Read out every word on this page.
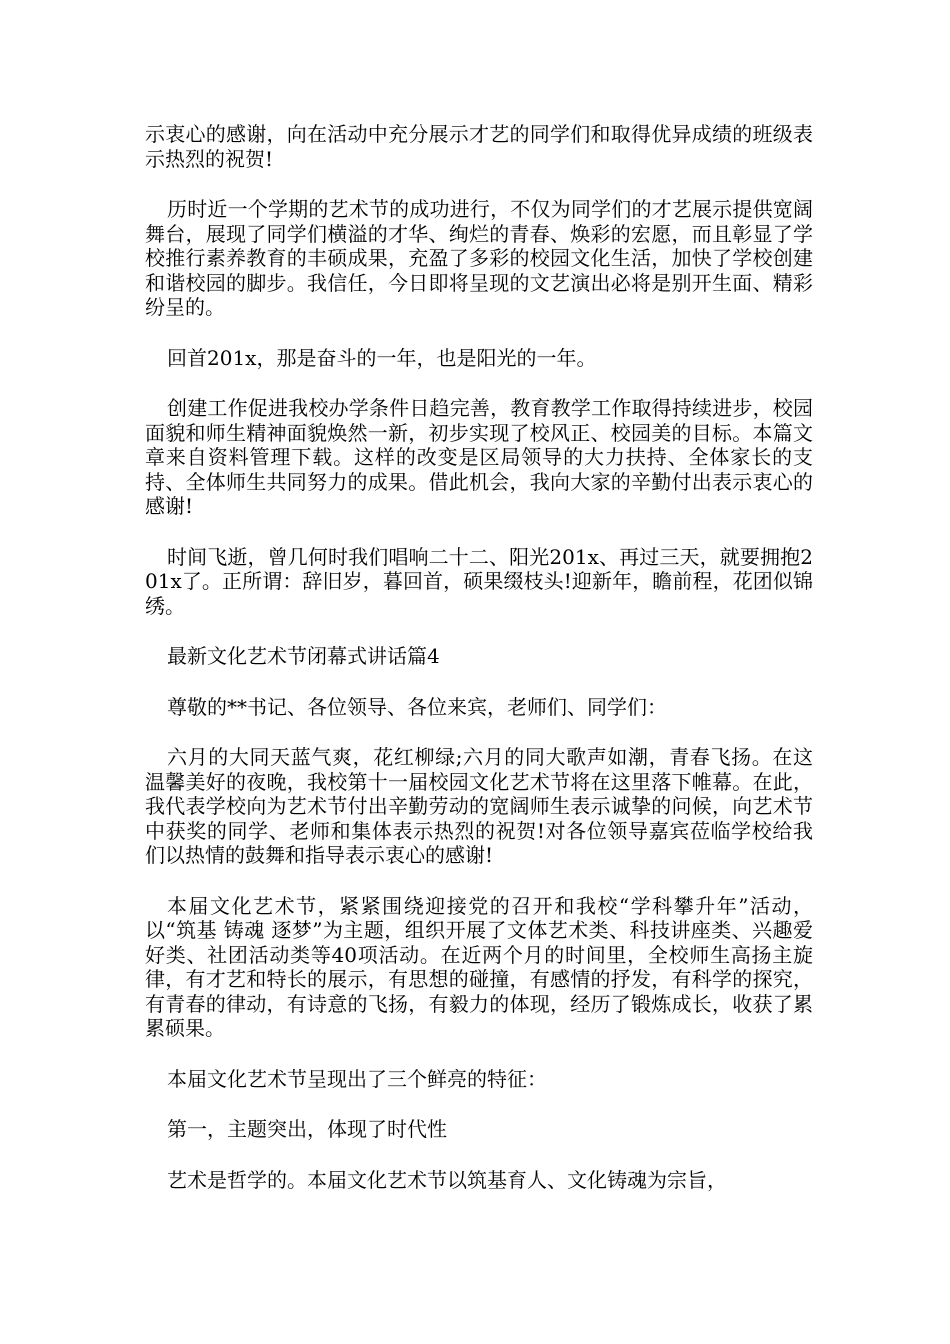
示衷心的感谢，向在活动中充分展示才艺的同学们和取得优异成绩的班级表示热烈的祝贺!

历时近一个学期的艺术节的成功进行，不仅为同学们的才艺展示提供宽阔舞台，展现了同学们横溢的才华、绚烂的青春、焕彩的宏愿，而且彰显了学校推行素养教育的丰硕成果，充盈了多彩的校园文化生活，加快了学校创建和谐校园的脚步。我信任，今日即将呈现的文艺演出必将是别开生面、精彩纷呈的。

回首201x，那是奋斗的一年，也是阳光的一年。

创建工作促进我校办学条件日趋完善，教育教学工作取得持续进步，校园面貌和师生精神面貌焕然一新，初步实现了校风正、校园美的目标。本篇文章来自资料管理下载。这样的改变是区局领导的大力扶持、全体家长的支持、全体师生共同努力的成果。借此机会，我向大家的辛勤付出表示衷心的感谢!

时间飞逝，曾几何时我们唱响二十二、阳光201x、再过三天，就要拥抱201x了。正所谓：辞旧岁，暮回首，硕果缀枝头!迎新年，瞻前程，花团似锦绣。

最新文化艺术节闭幕式讲话篇4

尊敬的**书记、各位领导、各位来宾，老师们、同学们：

六月的大同天蓝气爽，花红柳绿;六月的同大歌声如潮，青春飞扬。在这温馨美好的夜晚，我校第十一届校园文化艺术节将在这里落下帷幕。在此，我代表学校向为艺术节付出辛勤劳动的宽阔师生表示诚挚的问候，向艺术节中获奖的同学、老师和集体表示热烈的祝贺!对各位领导嘉宾莅临学校给我们以热情的鼓舞和指导表示衷心的感谢!

本届文化艺术节，紧紧围绕迎接党的召开和我校“学科攀升年”活动，以“筑基 铸魂 逐梦”为主题，组织开展了文体艺术类、科技讲座类、兴趣爱好类、社团活动类等40项活动。在近两个月的时间里，全校师生高扬主旋律，有才艺和特长的展示，有思想的碰撞，有感情的抒发，有科学的探究，有青春的律动，有诗意的飞扬，有毅力的体现，经历了锻炼成长，收获了累累硕果。

本届文化艺术节呈现出了三个鲜亮的特征：

第一，主题突出，体现了时代性

艺术是哲学的。本届文化艺术节以筑基育人、文化铸魂为宗旨，
